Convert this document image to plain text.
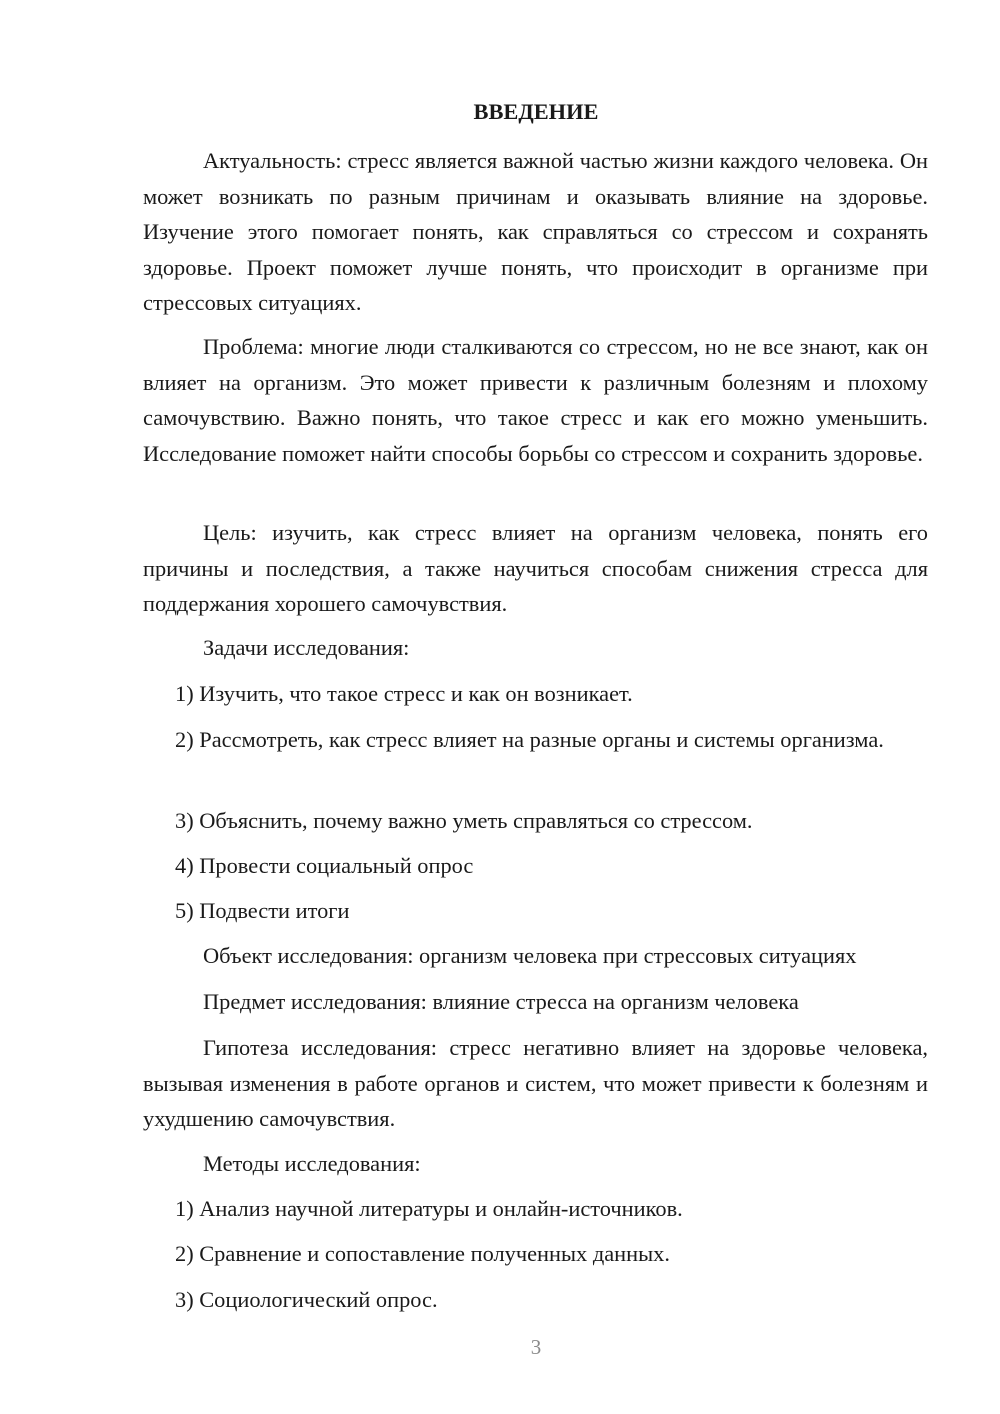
ВВЕДЕНИЕ

Актуальность: стресс является важной частью жизни каждого человека. Он может возникать по разным причинам и оказывать влияние на здоровье. Изучение этого помогает понять, как справляться со стрессом и сохранять здоровье. Проект поможет лучше понять, что происходит в организме при стрессовых ситуациях.

Проблема: многие люди сталкиваются со стрессом, но не все знают, как он влияет на организм. Это может привести к различным болезням и плохому самочувствию. Важно понять, что такое стресс и как его можно уменьшить. Исследование поможет найти способы борьбы со стрессом и сохранить здоровье.

Цель: изучить, как стресс влияет на организм человека, понять его причины и последствия, а также научиться способам снижения стресса для поддержания хорошего самочувствия.

Задачи исследования:

1) Изучить, что такое стресс и как он возникает.

2) Рассмотреть, как стресс влияет на разные органы и системы организма.

3) Объяснить, почему важно уметь справляться со стрессом.

4) Провести социальный опрос

5) Подвести итоги

Объект исследования: организм человека при стрессовых ситуациях

Предмет исследования: влияние стресса на организм человека

Гипотеза исследования: стресс негативно влияет на здоровье человека, вызывая изменения в работе органов и систем, что может привести к болезням и ухудшению самочувствия.

Методы исследования:

1) Анализ научной литературы и онлайн-источников.

2) Сравнение и сопоставление полученных данных.

3) Социологический опрос.

3
